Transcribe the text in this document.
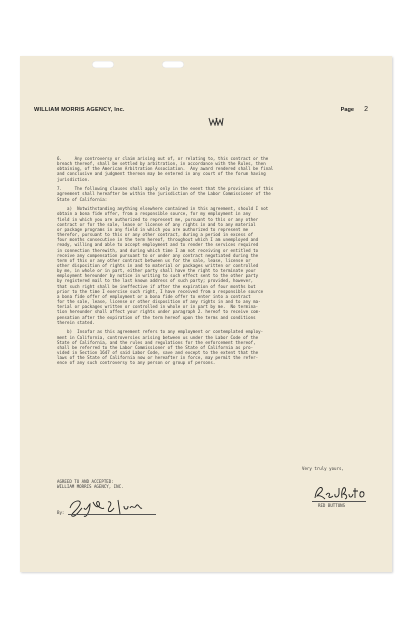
WILLIAM MORRIS AGENCY, Inc.	Page 2
6.     Any controversy or claim arising out of, or relating to, this contract or the
breach thereof, shall be settled by arbitration, in accordance with the Rules, then
obtaining, of the American Arbitration Association.  Any award rendered shall be final
and conclusive and judgment thereon may be entered in any court of the forum having
jurisdiction.
7.     The following clauses shall apply only in the event that the provisions of this
agreement shall hereafter be within the jurisdiction of the Labor Commissioner of the
State of California:
a)  Notwithstanding anything elsewhere contained in this agreement, should I not
obtain a bona fide offer, from a responsible source, for my employment in any
field in which you are authorized to represent me, pursuant to this or any other
contract or for the sale, lease or license of any rights in and to any material
or package programs in any field in which you are authorized to represent me
therefor, pursuant to this or any other contract, during a period in excess of
four months consecutive in the term hereof, throughout which I am unemployed and
ready, willing and able to accept employment and to render the services required
in connection therewith, and during which time I am not receiving or entitled to
receive any compensation pursuant to or under any contract negotiated during the
term of this or any other contract between us for the sale, lease, license or
other disposition of rights in and to material or packages written or controlled
by me, in whole or in part, either party shall have the right to terminate your
employment hereunder by notice in writing to such effect sent to the other party
by registered mail to the last known address of such party; provided, however,
that such right shall be ineffective if after the expiration of four months but
prior to the time I exercise such right, I have received from a responsible source
a bona fide offer of employment or a bona fide offer to enter into a contract
for the sale, lease, license or other disposition of any rights in and to any ma-
terial or packages written or controlled in whole or in part by me.  No termina-
tion hereunder shall affect your rights under paragraph 2. hereof to receive com-
pensation after the expiration of the term hereof upon the terms and conditions
therein stated.
b)  Insofar as this agreement refers to any employment or contemplated employ-
ment in California, controversies arising between us under the Labor Code of the
State of California, and the rules and regulations for the enforcement thereof,
shall be referred to the Labor Commissioner of the State of California as pro-
vided in Section 1647 of said Labor Code, save and except to the extent that the
laws of the State of California now or hereafter in force, may permit the refer-
ence of any such controversy to any person or group of persons.
Very truly yours,
AGREED TO AND ACCEPTED:
WILLIAM MORRIS AGENCY, INC.
RED BUTTONS
By:
